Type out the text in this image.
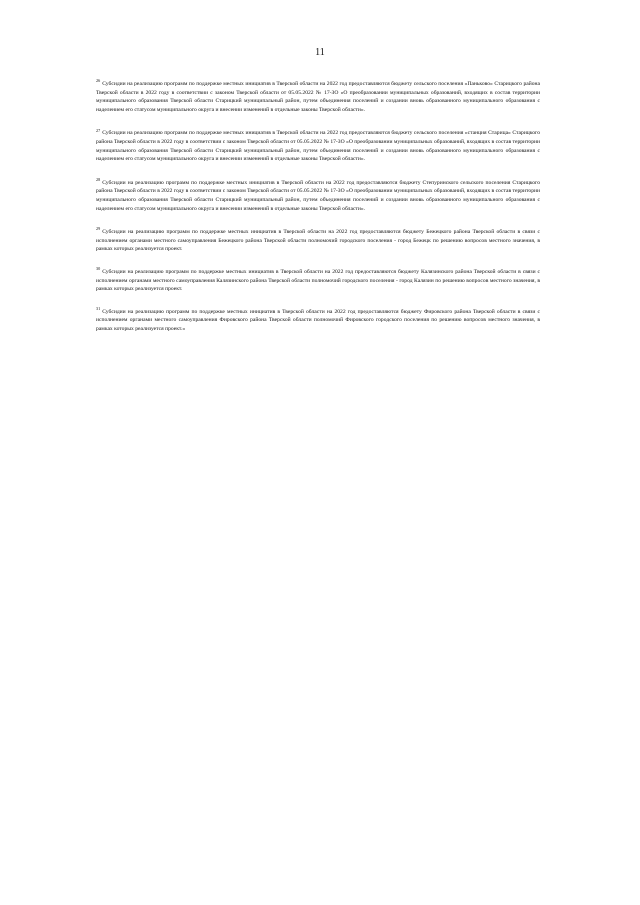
11

$^{26}$Субсидии на реализацию программ по поддержке местных инициатив в Тверской области на 2022 год предоставляются бюджету сельского поселения «Паньково» Старицкого района Тверской области в 2022 году в соответствии с законом Тверской области от 05.05.2022 № 17-ЗО «О преобразовании муниципальных образований, входящих в состав территории муниципального образования Тверской области Старицкий муниципальный район, путем объединения поселений и создании вновь образованного муниципального образования с наделением его статусом муниципального округа и внесении изменений в отдельные законы Тверской области».

$^{27}$Субсидии на реализацию программ по поддержке местных инициатив в Тверской области на 2022 год предоставляются бюджету сельского поселения «станция Старица» Старицкого района Тверской области в 2022 году в соответствии с законом Тверской области от 05.05.2022 № 17-ЗО «О преобразовании муниципальных образований, входящих в состав территории муниципального образования Тверской области Старицкий муниципальный район, путем объединения поселений и создании вновь образованного муниципального образования с наделением его статусом муниципального округа и внесении изменений в отдельные законы Тверской области».

$^{28}$Субсидии на реализацию программ по поддержке местных инициатив в Тверской области на 2022 год предоставляются бюджету Степуринского сельского поселения Старицкого района Тверской области в 2022 году в соответствии с законом Тверской области от 05.05.2022 № 17-ЗО «О преобразовании муниципальных образований, входящих в состав территории муниципального образования Тверской области Старицкий муниципальный район, путем объединения поселений и создании вновь образованного муниципального образования с наделением его статусом муниципального округа и внесении изменений в отдельные законы Тверской области».

$^{29}$Субсидии на реализацию программ по поддержке местных инициатив в Тверской области на 2022 год предоставляются бюджету Бежецкого района Тверской области в связи с исполнением органами местного самоуправления Бежецкого района Тверской области полномочий городского поселения - город Бежецк по решению вопросов местного значения, в рамках которых реализуется проект.

$^{30}$Субсидии на реализацию программ по поддержке местных инициатив в Тверской области на 2022 год предоставляются бюджету Калязинского района Тверской области в связи с исполнением органами местного самоуправления Калязинского района Тверской области полномочий городского поселения - город Калязин по решению вопросов местного значения, в рамках которых реализуется проект.

$^{31}$Субсидии на реализацию программ по поддержке местных инициатив в Тверской области на 2022 год предоставляются бюджету Фировского района Тверской области в связи с исполнением органами местного самоуправления Фировского района Тверской области полномочий Фировского городского поселения по решению вопросов местного значения, в рамках которых реализуется проект.»
